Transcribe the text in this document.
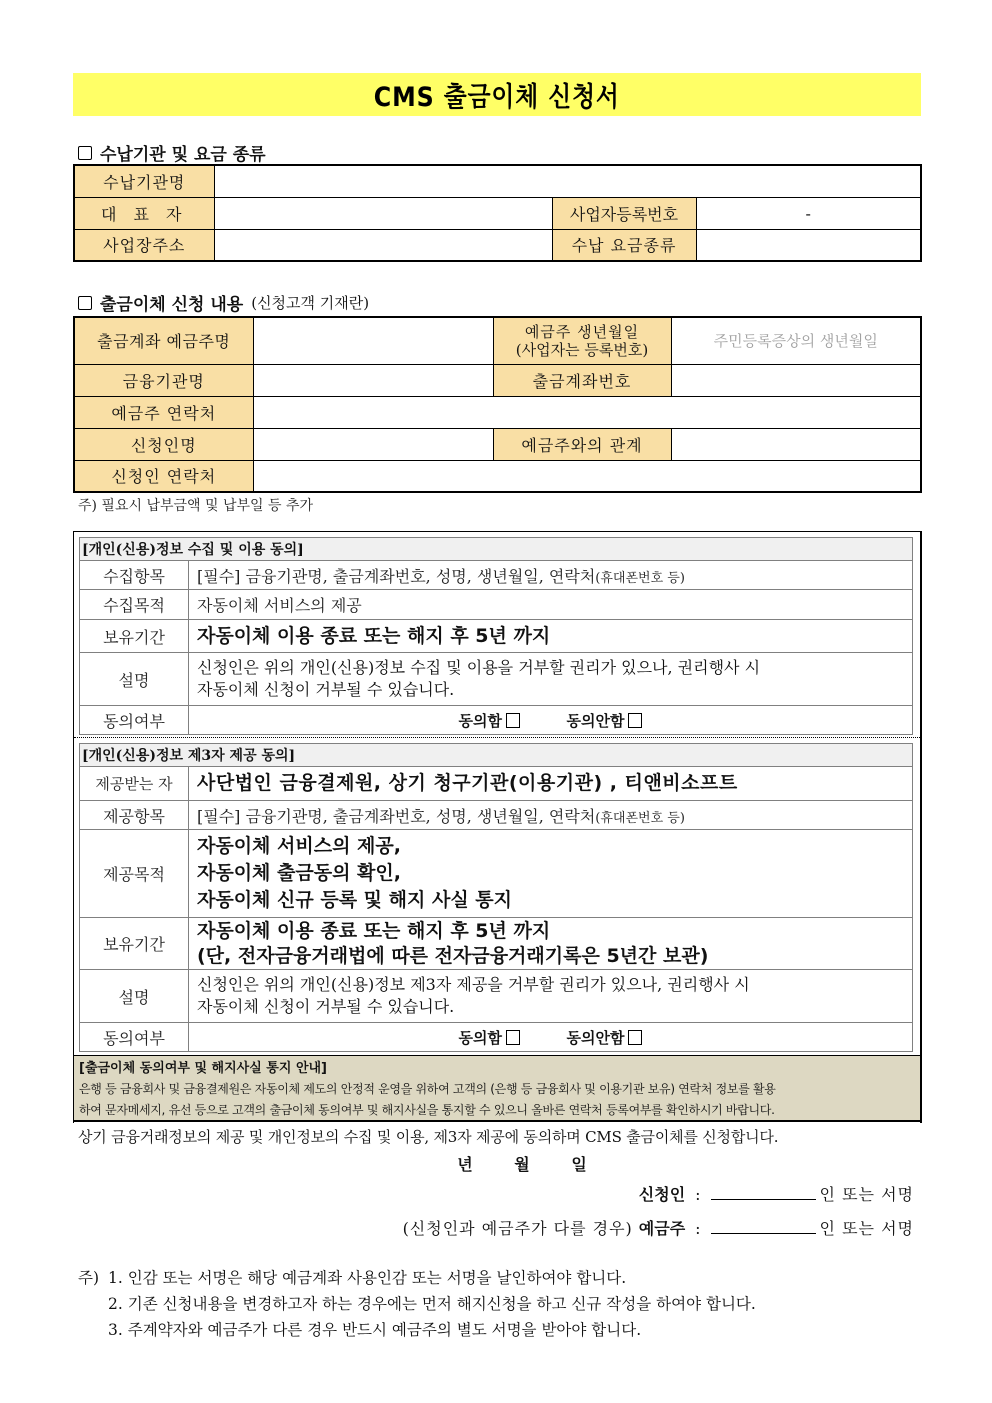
CMS 출금이체 신청서
수납기관 및 요금 종류
수납기관명			
대 표 자		사업자등록번호	-
사업장주소		수납 요금종류	
출금이체 신청 내용 (신청고객 기재란)
출금계좌 예금주명		예금주 생년월일
(사업자는 등록번호)	주민등록증상의 생년월일
금융기관명		출금계좌번호	
예금주 연락처			
신청인명		예금주와의 관계	
신청인 연락처			
주) 필요시 납부금액 및 납부일 등 추가
[개인(신용)정보 수집 및 이용 동의]	
수집항목	[필수] 금융기관명, 출금계좌번호, 성명, 생년월일, 연락처(휴대폰번호 등)
수집목적	자동이체 서비스의 제공
보유기간	자동이체 이용 종료 또는 해지 후 5년 까지
설명	신청인은 위의 개인(신용)정보 수집 및 이용을 거부할 권리가 있으나, 권리행사 시
자동이체 신청이 거부될 수 있습니다.

동의여부	동의함 동의안함
[개인(신용)정보 제3자 제공 동의]	
제공받는 자	사단법인 금융결제원, 상기 청구기관(이용기관) , 티앤비소프트
제공항목	[필수] 금융기관명, 출금계좌번호, 성명, 생년월일, 연락처(휴대폰번호 등)
제공목적	자동이체 서비스의 제공,
자동이체 출금동의 확인,
자동이체 신규 등록 및 해지 사실 통지

보유기간	자동이체 이용 종료 또는 해지 후 5년 까지
(단, 전자금융거래법에 따른 전자금융거래기록은 5년간 보관)

설명	신청인은 위의 개인(신용)정보 제3자 제공을 거부할 권리가 있으나, 권리행사 시
자동이체 신청이 거부될 수 있습니다.

동의여부	동의함 동의안함
[출금이체 동의여부 및 해지사실 통지 안내]
은행 등 금융회사 및 금융결제원은 자동이체 제도의 안정적 운영을 위하여 고객의 (은행 등 금융회사 및 이용기관 보유) 연락처 정보를 활용
하여 문자메세지, 유선 등으로 고객의 출금이체 동의여부 및 해지사실을 통지할 수 있으니 올바른 연락처 등록여부를 확인하시기 바랍니다.
상기 금융거래정보의 제공 및 개인정보의 수집 및 이용, 제3자 제공에 동의하며 CMS 출금이체를 신청합니다.
년	월	일
신청인 :	인 또는 서명
(신청인과 예금주가 다를 경우) 예금주 :	인 또는 서명
주) 1. 인감 또는 서명은 해당 예금계좌 사용인감 또는 서명을 날인하여야 합니다.
2. 기존 신청내용을 변경하고자 하는 경우에는 먼저 해지신청을 하고 신규 작성을 하여야 합니다.
3. 주계약자와 예금주가 다른 경우 반드시 예금주의 별도 서명을 받아야 합니다.
